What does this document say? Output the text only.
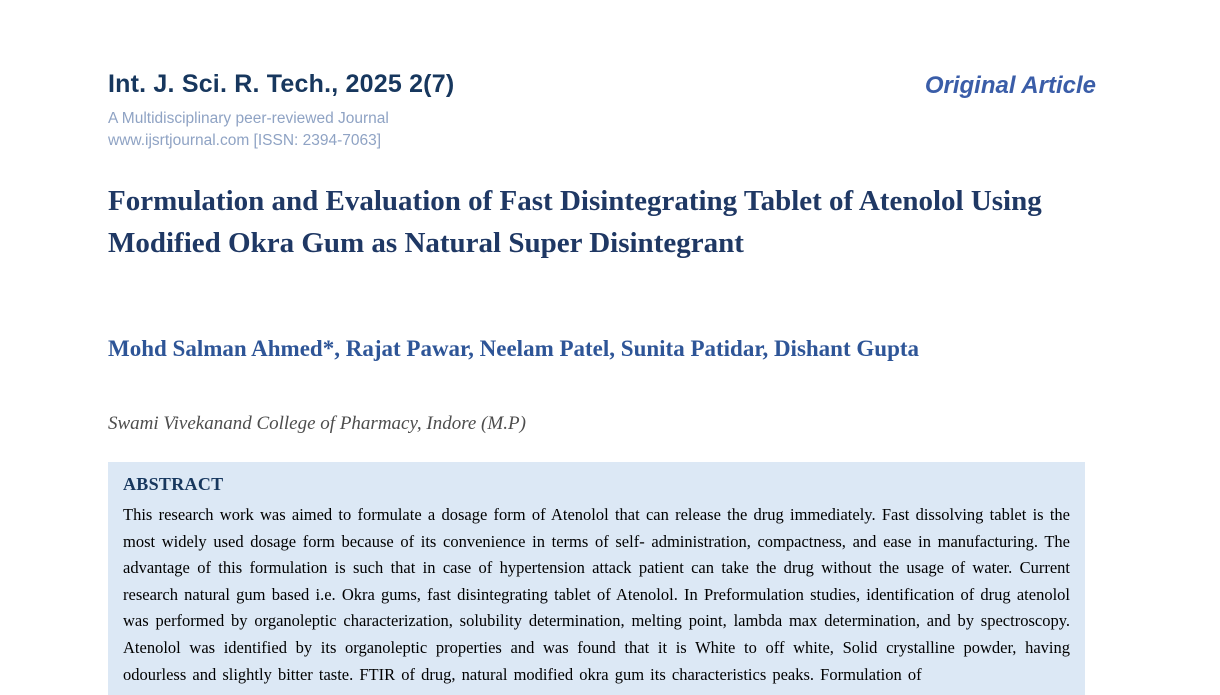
Int. J. Sci. R. Tech., 2025 2(7)
A Multidisciplinary peer-reviewed Journal
www.ijsrtjournal.com [ISSN: 2394-7063]
Original Article
Formulation and Evaluation of Fast Disintegrating Tablet of Atenolol Using Modified Okra Gum as Natural Super Disintegrant
Mohd Salman Ahmed*, Rajat Pawar, Neelam Patel, Sunita Patidar, Dishant Gupta
Swami Vivekanand College of Pharmacy, Indore (M.P)
ABSTRACT
This research work was aimed to formulate a dosage form of Atenolol that can release the drug immediately. Fast dissolving tablet is the most widely used dosage form because of its convenience in terms of self- administration, compactness, and ease in manufacturing. The advantage of this formulation is such that in case of hypertension attack patient can take the drug without the usage of water. Current research natural gum based i.e. Okra gums, fast disintegrating tablet of Atenolol. In Preformulation studies, identification of drug atenolol was performed by organoleptic characterization, solubility determination, melting point, lambda max determination, and by spectroscopy. Atenolol was identified by its organoleptic properties and was found that it is White to off white, Solid crystalline powder, having odourless and slightly bitter taste. FTIR of drug, natural modified okra gum its characteristics peaks. Formulation of
